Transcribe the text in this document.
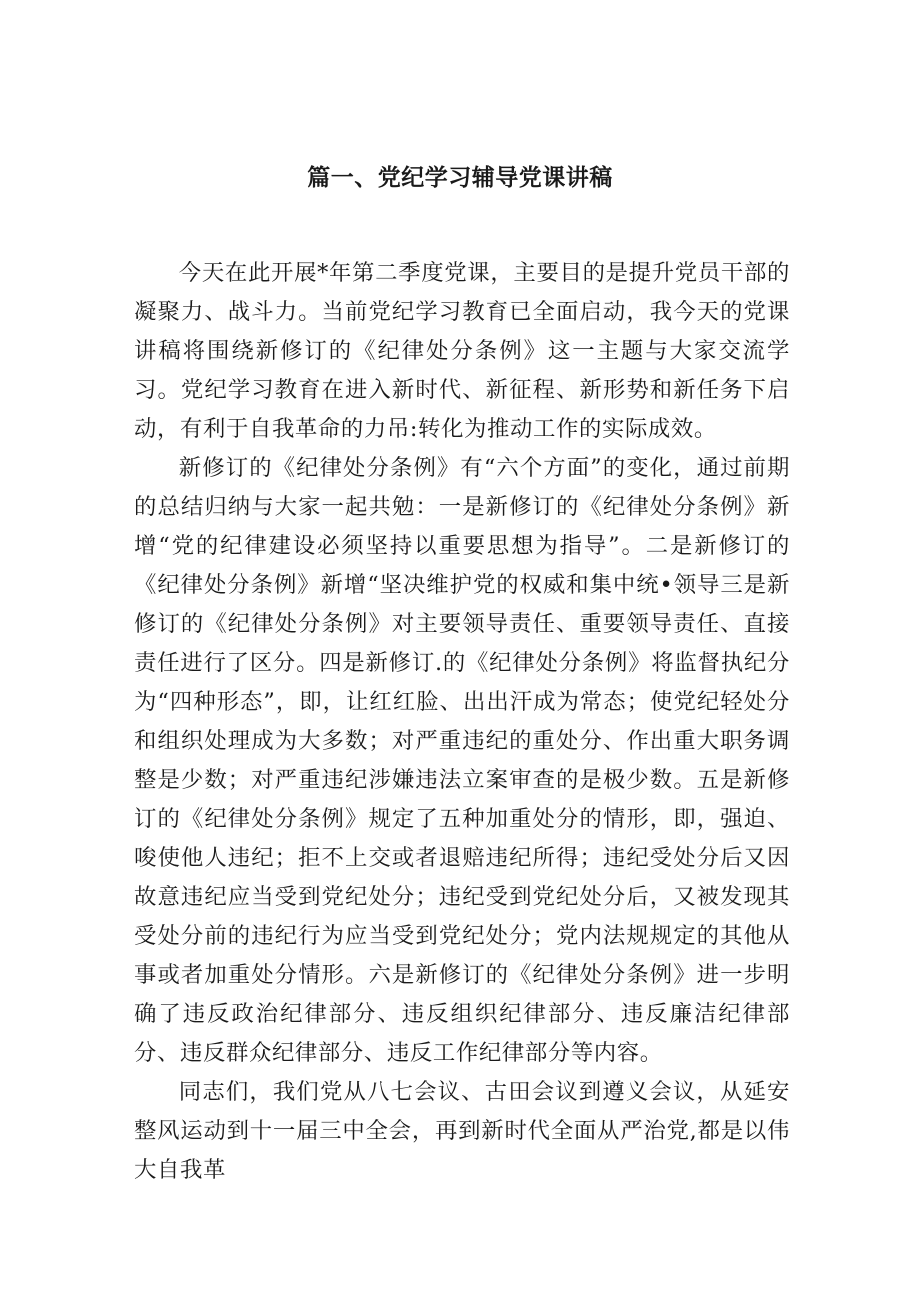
篇一、党纪学习辅导党课讲稿

今天在此开展*年第二季度党课，主要目的是提升党员干部的凝聚力、战斗力。当前党纪学习教育已全面启动，我今天的党课讲稿将围绕新修订的《纪律处分条例》这一主题与大家交流学习。党纪学习教育在进入新时代、新征程、新形势和新任务下启动，有利于自我革命的力吊:转化为推动工作的实际成效。

新修订的《纪律处分条例》有“六个方面”的变化，通过前期的总结归纳与大家一起共勉：一是新修订的《纪律处分条例》新增“党的纪律建设必须坚持以重要思想为指导”。二是新修订的《纪律处分条例》新增“坚决维护党的权威和集中统•领导三是新修订的《纪律处分条例》对主要领导责任、重要领导责任、直接责任进行了区分。四是新修订.的《纪律处分条例》将监督执纪分为“四种形态”，即，让红红脸、出出汗成为常态；使党纪轻处分和组织处理成为大多数；对严重违纪的重处分、作出重大职务调整是少数；对严重违纪涉嫌违法立案审查的是极少数。五是新修订的《纪律处分条例》规定了五种加重处分的情形，即，强迫、唆使他人违纪；拒不上交或者退赔违纪所得；违纪受处分后又因故意违纪应当受到党纪处分；违纪受到党纪处分后，又被发现其受处分前的违纪行为应当受到党纪处分；党内法规规定的其他从事或者加重处分情形。六是新修订的《纪律处分条例》进一步明确了违反政治纪律部分、违反组织纪律部分、违反廉洁纪律部分、违反群众纪律部分、违反工作纪律部分等内容。

同志们，我们党从八七会议、古田会议到遵义会议，从延安整风运动到十一届三中全会，再到新时代全面从严治党,都是以伟大自我革
